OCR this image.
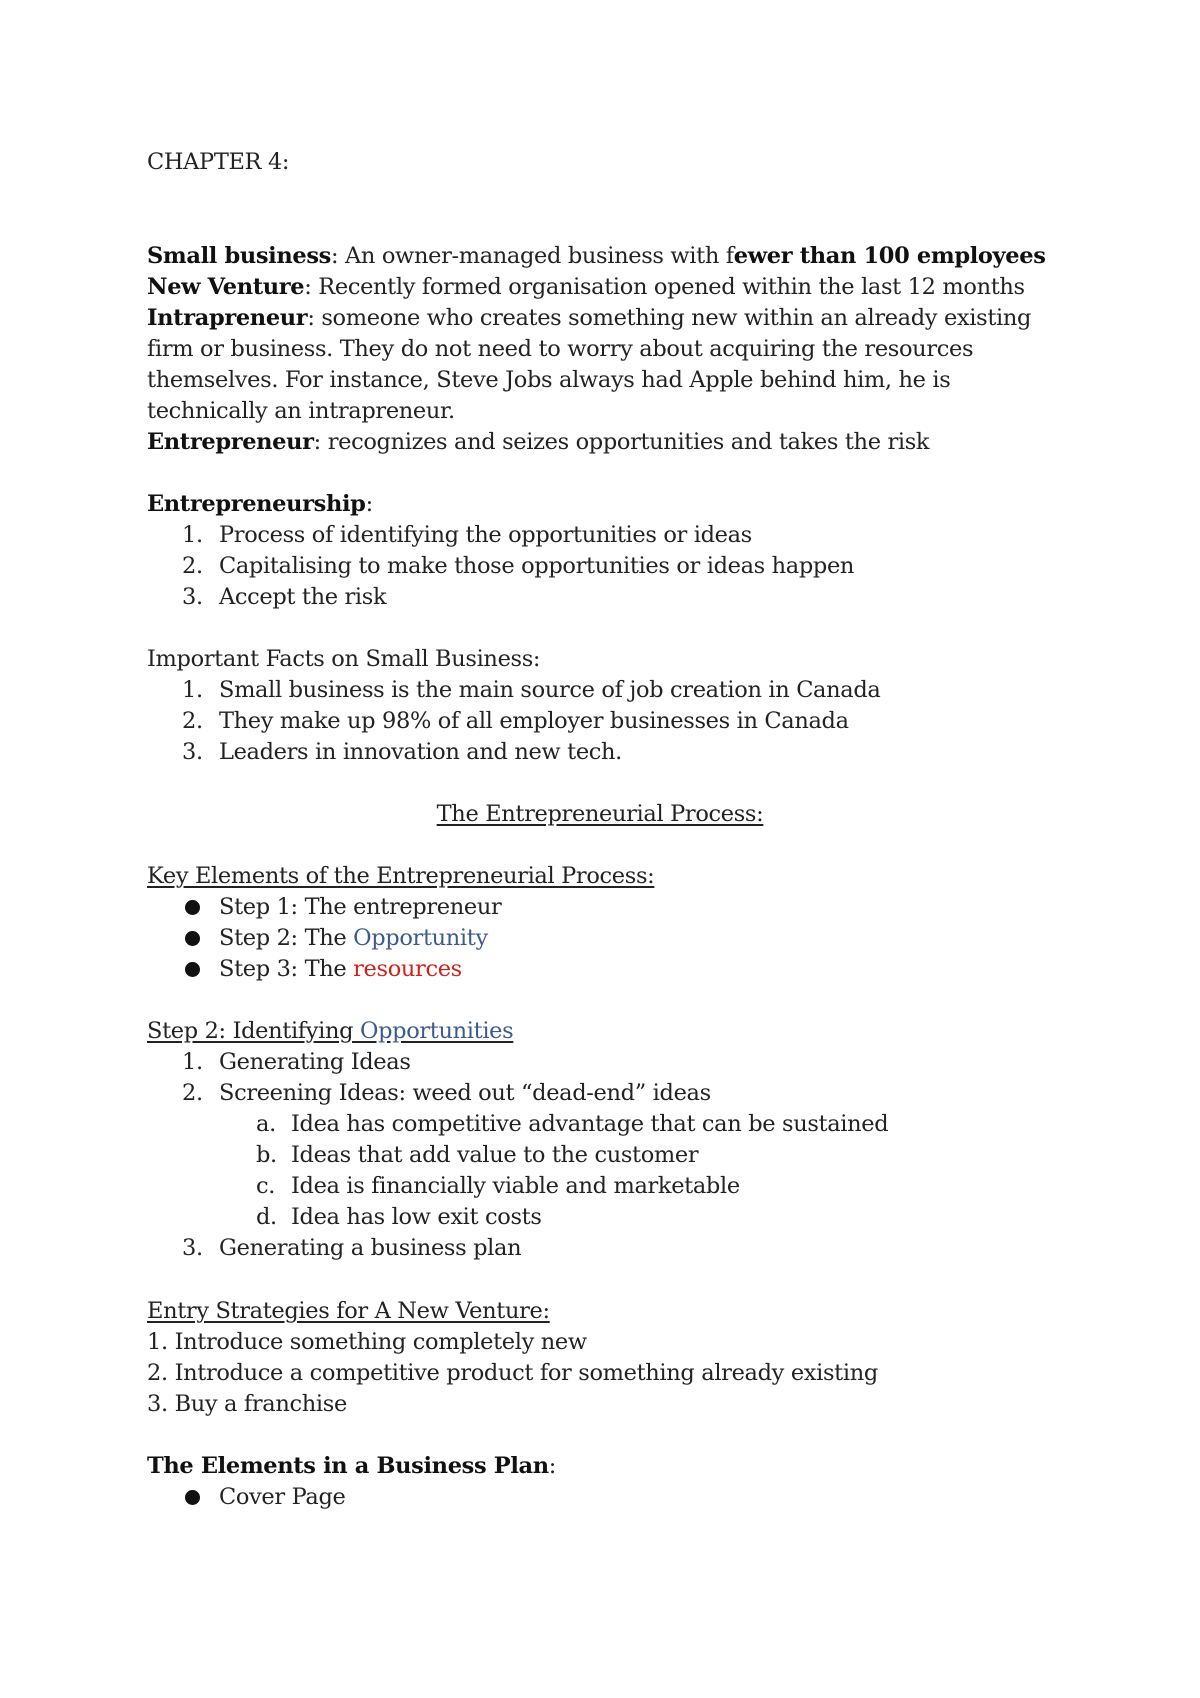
CHAPTER 4:
Small business: An owner-managed business with fewer than 100 employees
New Venture: Recently formed organisation opened within the last 12 months
Intrapreneur: someone who creates something new within an already existing
firm or business. They do not need to worry about acquiring the resources
themselves. For instance, Steve Jobs always had Apple behind him, he is
technically an intrapreneur.
Entrepreneur: recognizes and seizes opportunities and takes the risk
Entrepreneurship:
1. Process of identifying the opportunities or ideas
2. Capitalising to make those opportunities or ideas happen
3. Accept the risk
Important Facts on Small Business:
1. Small business is the main source of job creation in Canada
2. They make up 98% of all employer businesses in Canada
3. Leaders in innovation and new tech.
The Entrepreneurial Process:
Key Elements of the Entrepreneurial Process:
Step 1: The entrepreneur
Step 2: The Opportunity
Step 3: The resources
Step 2: Identifying Opportunities
1. Generating Ideas
2. Screening Ideas: weed out “dead-end” ideas
a. Idea has competitive advantage that can be sustained
b. Ideas that add value to the customer
c. Idea is financially viable and marketable
d. Idea has low exit costs
3. Generating a business plan
Entry Strategies for A New Venture:
1. Introduce something completely new
2. Introduce a competitive product for something already existing
3. Buy a franchise
The Elements in a Business Plan:
Cover Page
